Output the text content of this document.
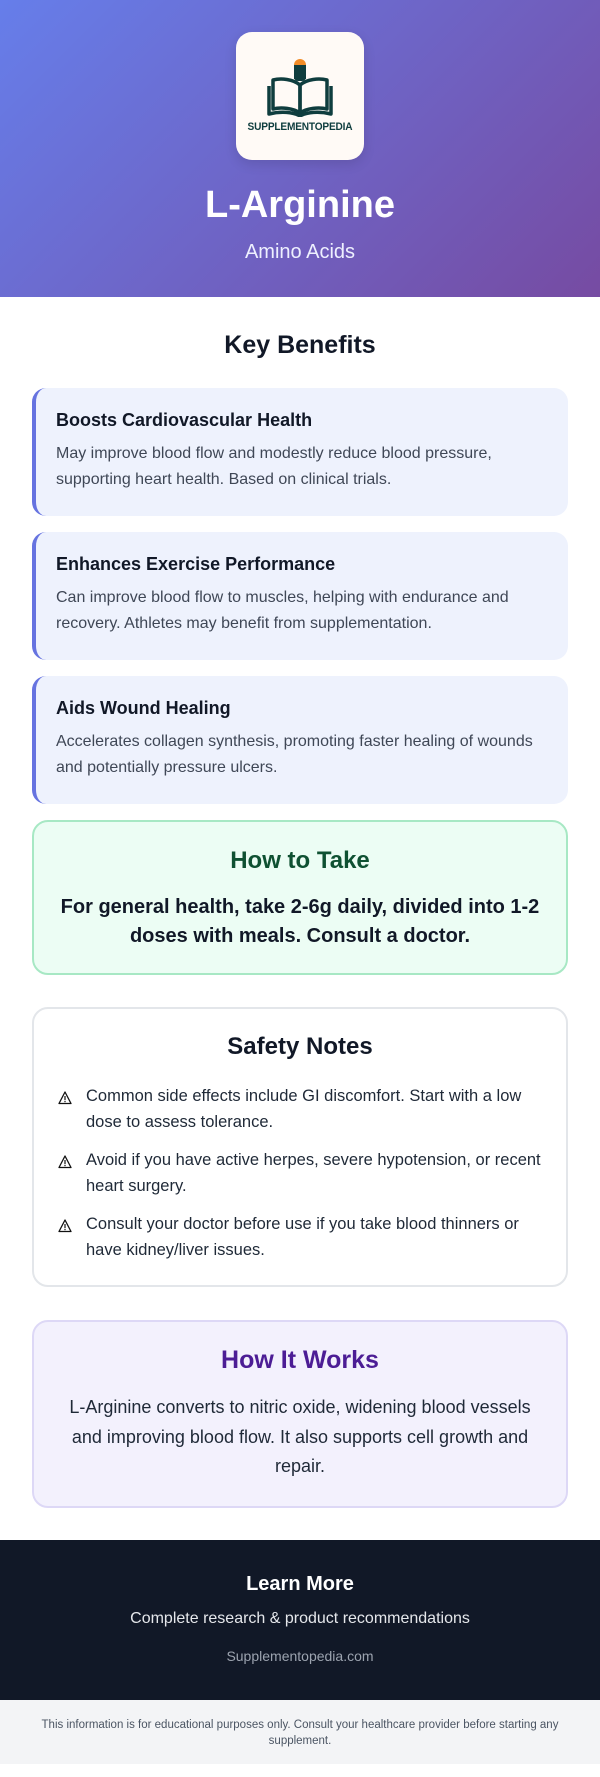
SUPPLEMENTOPEDIA
L-Arginine
Amino Acids
Key Benefits
Boosts Cardiovascular Health
May improve blood flow and modestly reduce blood pressure, supporting heart health. Based on clinical trials.
Enhances Exercise Performance
Can improve blood flow to muscles, helping with endurance and recovery. Athletes may benefit from supplementation.
Aids Wound Healing
Accelerates collagen synthesis, promoting faster healing of wounds and potentially pressure ulcers.
How to Take

For general health, take 2-6g daily, divided into 1-2 doses with meals. Consult a doctor.

Safety Notes
Common side effects include GI discomfort. Start with a low dose to assess tolerance.
Avoid if you have active herpes, severe hypotension, or recent heart surgery.
Consult your doctor before use if you take blood thinners or have kidney/liver issues.
How It Works

L-Arginine converts to nitric oxide, widening blood vessels and improving blood flow. It also supports cell growth and repair.

Learn More
Complete research & product recommendations
Supplementopedia.com
This information is for educational purposes only. Consult your healthcare provider before starting any supplement.
